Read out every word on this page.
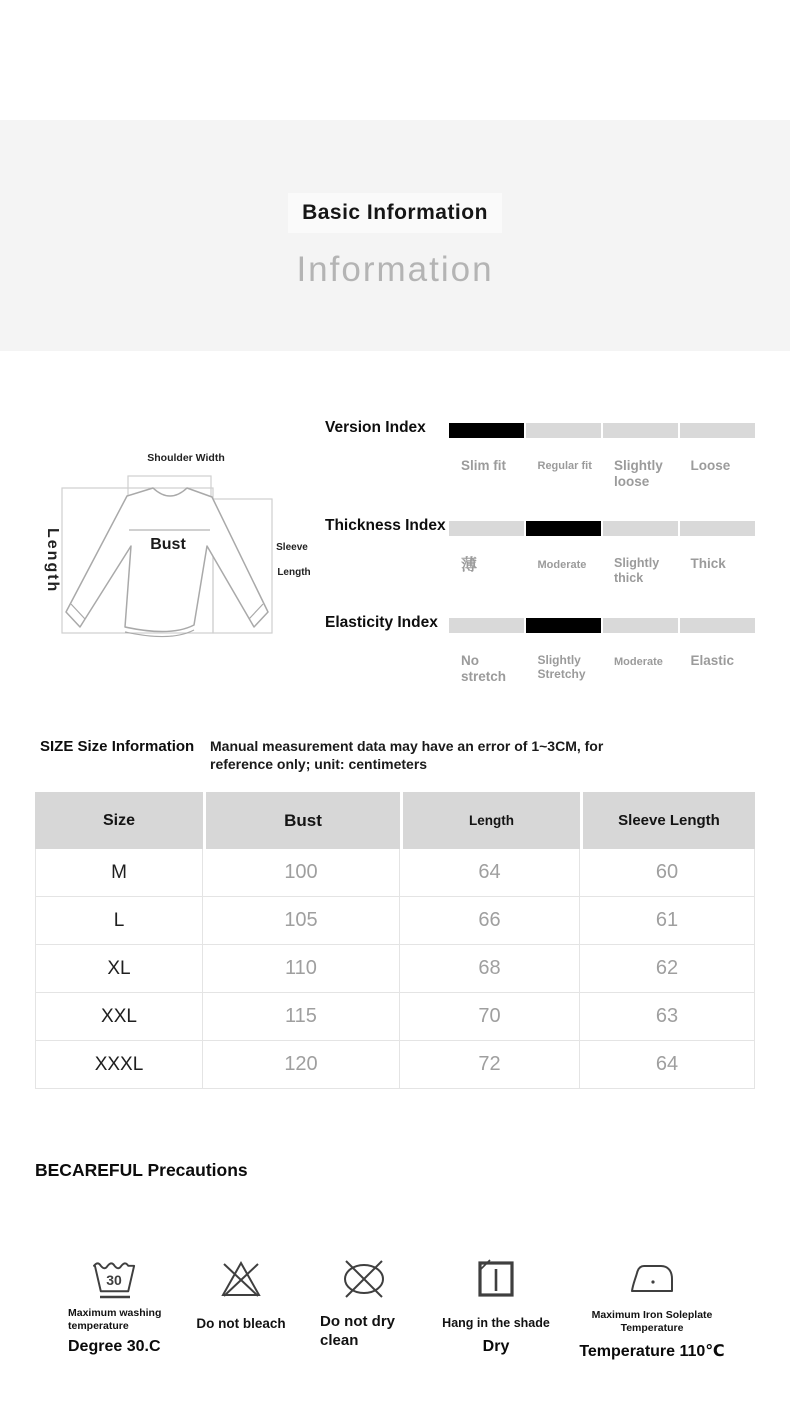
Basic Information
Information
Shoulder Width
Length	Bust	Sleeve
Length
Version Index
Slim fit	Regular fit	Slightly loose
Loose
Thickness Index
薄	Moderate	Slightly thick
Thick
Elasticity Index
No stretch
Slightly Stretchy
Moderate	Elastic
SIZE Size Information Manual measurement data may have an error of 1~3CM, for reference only; unit: centimeters
Size	Bust	Length	Sleeve Length
M	100	64	60
L	105	66	61
XL	110	68	62
XXL	115	70	63
XXXL	120	72	64
BECAREFUL Precautions
30
Maximum washing temperature
Degree 30.C
Do not bleach	Do not dry clean
Hang in the shade
Dry
Maximum Iron Soleplate Temperature
Temperature 110℃
